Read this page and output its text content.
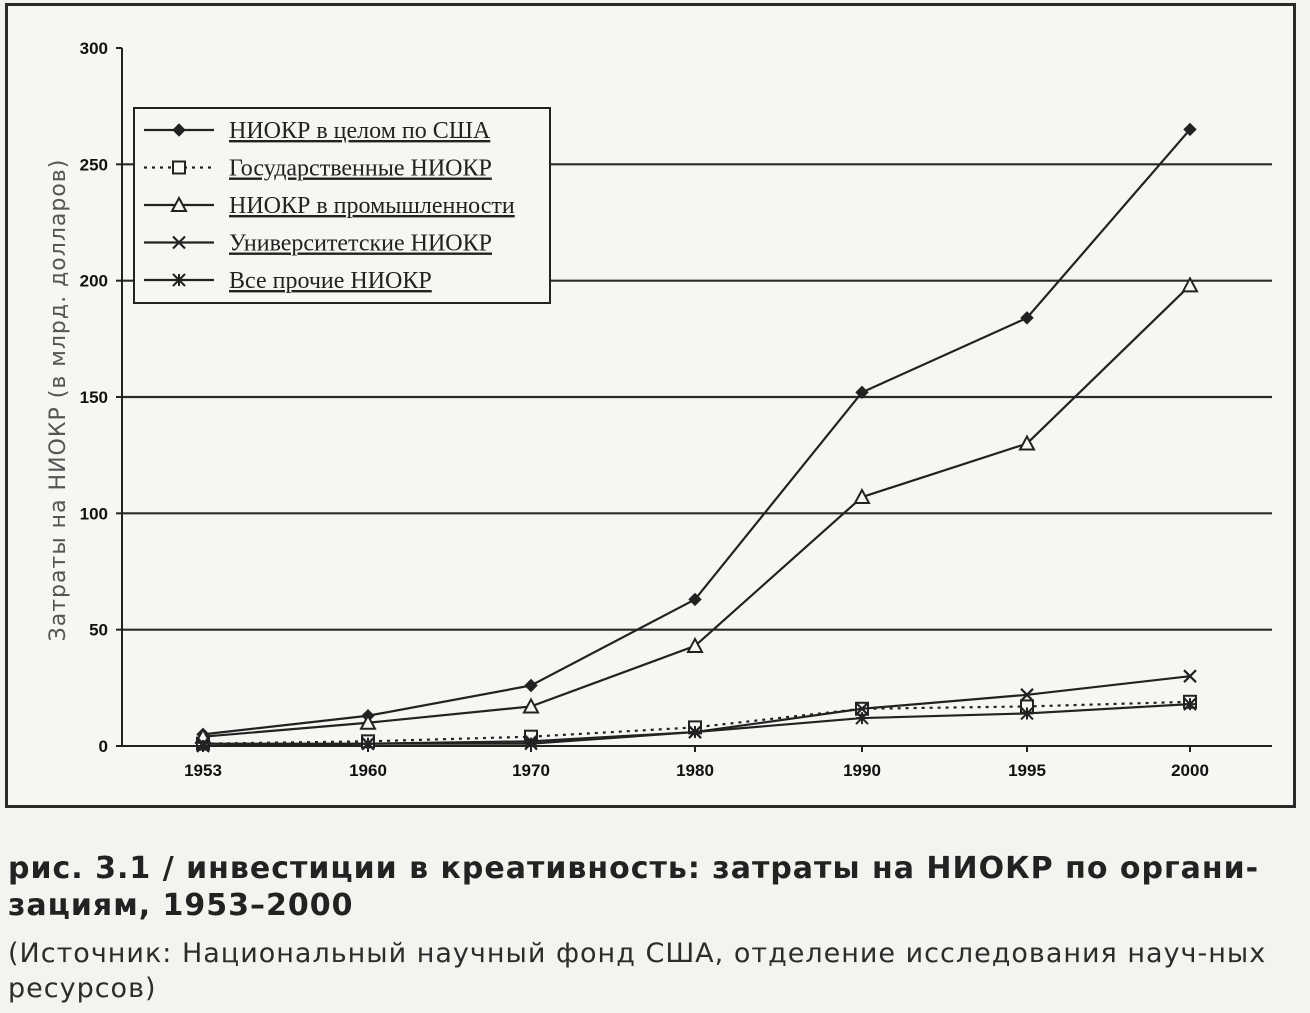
0
50
100
150
200
250
300
1953	1960	1970	1980	1990	1995	2000
НИОКР в целом по США
Государственные НИОКР
НИОКР в промышленности
Университетские НИОКР
Все прочие НИОКР
Затраты на НИОКР (в млрд. долларов)
рис. 3.1 / инвестиции в креативность: затраты на НИОКР по органи-зациям, 1953–2000
(Источник: Национальный научный фонд США, отделение исследования науч-ных ресурсов)
